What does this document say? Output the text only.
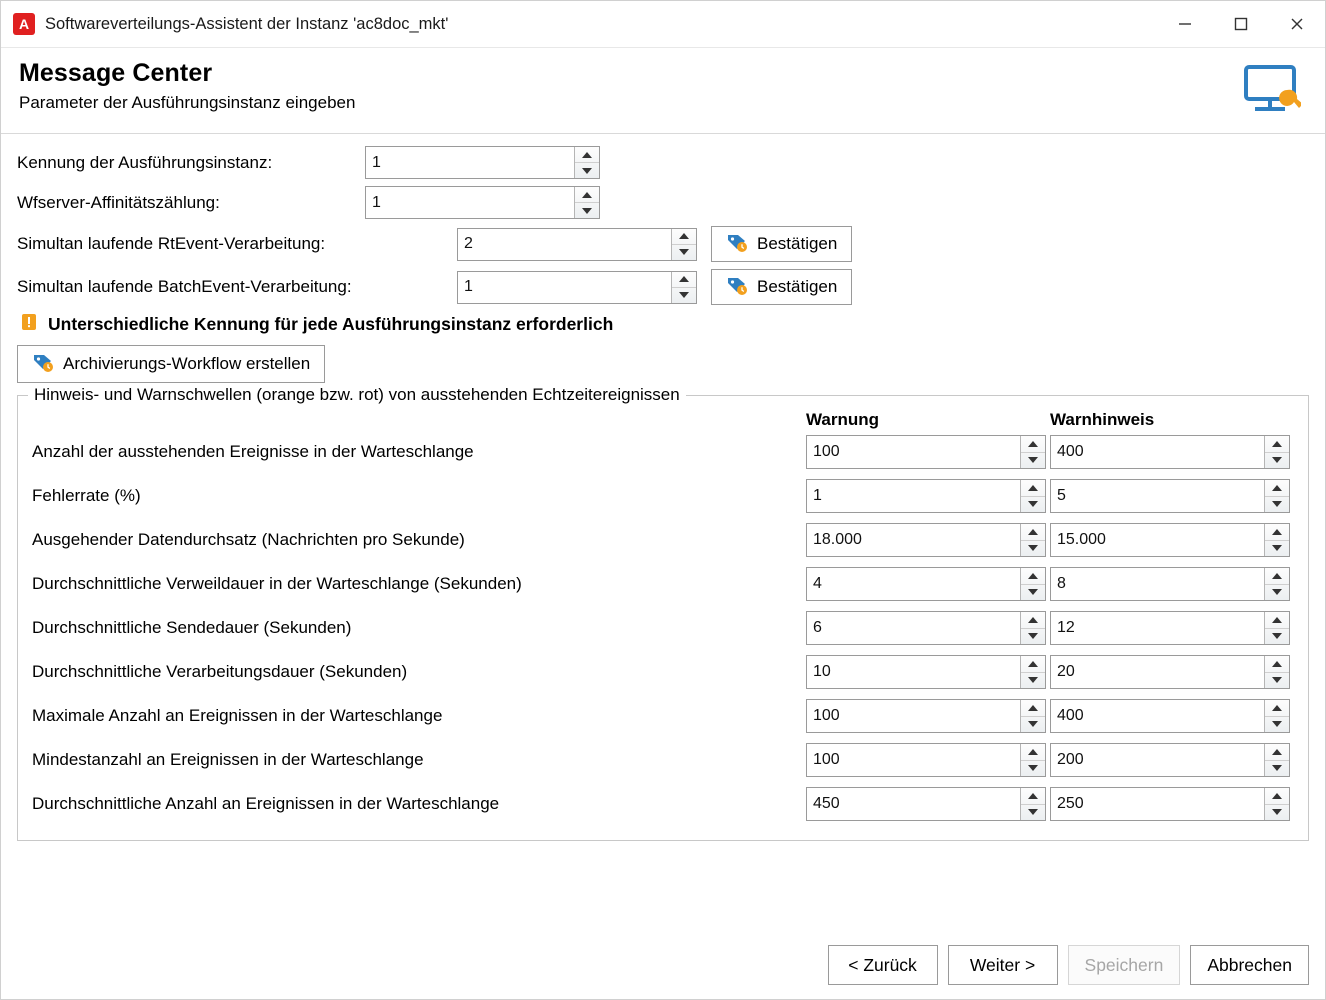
A
Softwareverteilungs-Assistent der Instanz 'ac8doc_mkt'
Message Center
Parameter der Ausführungsinstanz eingeben
Kennung der Ausführungsinstanz:	1
Wfserver-Affinitätszählung:	1
Simultan laufende RtEvent-Verarbeitung:	2	Bestätigen
Simultan laufende BatchEvent-Verarbeitung:	1	Bestätigen
Unterschiedliche Kennung für jede Ausführungsinstanz erforderlich
Archivierungs-Workflow erstellen
Hinweis- und Warnschwellen (orange bzw. rot) von ausstehenden Echtzeitereignissen
	Warnung	Warnhinweis
Anzahl der ausstehenden Ereignisse in der Warteschlange	100	400

Fehlerrate (%)	1	5

Ausgehender Datendurchsatz (Nachrichten pro Sekunde)	18.000	15.000

Durchschnittliche Verweildauer in der Warteschlange (Sekunden)	4	8

Durchschnittliche Sendedauer (Sekunden)	6	12

Durchschnittliche Verarbeitungsdauer (Sekunden)	10	20

Maximale Anzahl an Ereignissen in der Warteschlange	100	400

Mindestanzahl an Ereignissen in der Warteschlange	100	200

Durchschnittliche Anzahl an Ereignissen in der Warteschlange	450	250
< Zurück	Weiter >	Speichern	Abbrechen
